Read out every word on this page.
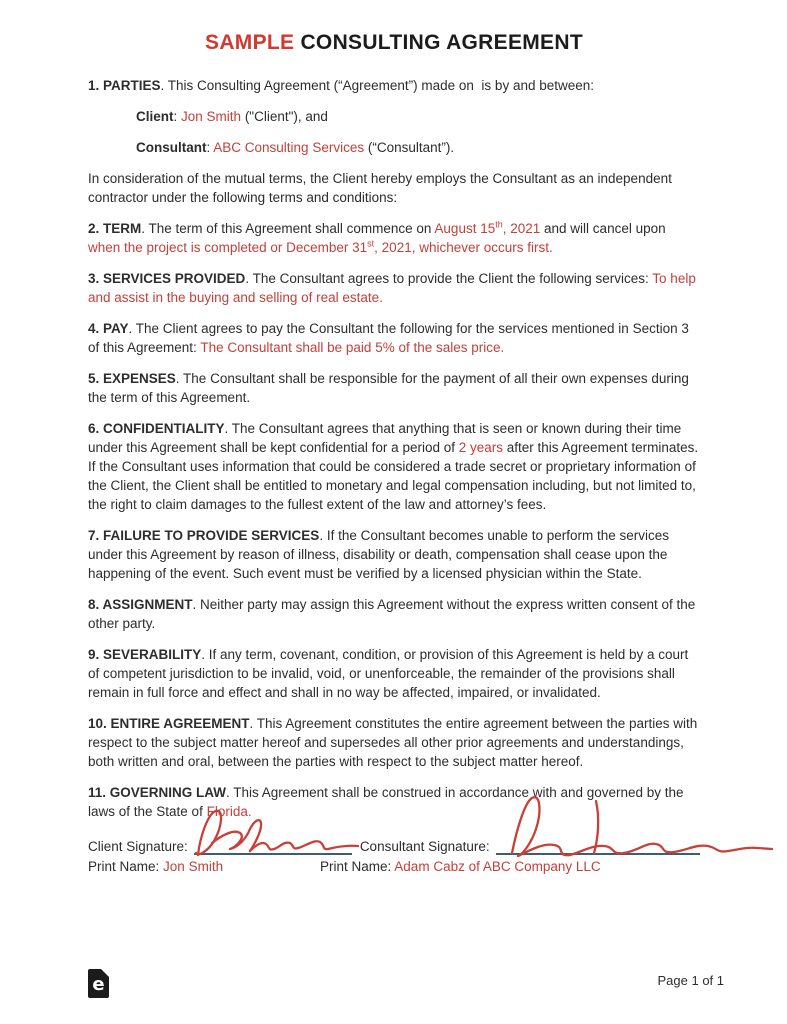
SAMPLE CONSULTING AGREEMENT

1. PARTIES. This Consulting Agreement (“Agreement”) made on  is by and between:

Client: Jon Smith ("Client"), and

Consultant: ABC Consulting Services (“Consultant”).

In consideration of the mutual terms, the Client hereby employs the Consultant as an independent contractor under the following terms and conditions:

2. TERM. The term of this Agreement shall commence on August 15th, 2021 and will cancel upon when the project is completed or December 31st, 2021, whichever occurs first.

3. SERVICES PROVIDED. The Consultant agrees to provide the Client the following services: To help and assist in the buying and selling of real estate.

4. PAY. The Client agrees to pay the Consultant the following for the services mentioned in Section 3 of this Agreement: The Consultant shall be paid 5% of the sales price.

5. EXPENSES. The Consultant shall be responsible for the payment of all their own expenses during the term of this Agreement.

6. CONFIDENTIALITY. The Consultant agrees that anything that is seen or known during their time under this Agreement shall be kept confidential for a period of 2 years after this Agreement terminates. If the Consultant uses information that could be considered a trade secret or proprietary information of the Client, the Client shall be entitled to monetary and legal compensation including, but not limited to, the right to claim damages to the fullest extent of the law and attorney’s fees.

7. FAILURE TO PROVIDE SERVICES. If the Consultant becomes unable to perform the services under this Agreement by reason of illness, disability or death, compensation shall cease upon the happening of the event. Such event must be verified by a licensed physician within the State.

8. ASSIGNMENT. Neither party may assign this Agreement without the express written consent of the other party.

9. SEVERABILITY. If any term, covenant, condition, or provision of this Agreement is held by a court of competent jurisdiction to be invalid, void, or unenforceable, the remainder of the provisions shall remain in full force and effect and shall in no way be affected, impaired, or invalidated.

10. ENTIRE AGREEMENT. This Agreement constitutes the entire agreement between the parties with respect to the subject matter hereof and supersedes all other prior agreements and understandings, both written and oral, between the parties with respect to the subject matter hereof.

11. GOVERNING LAW. This Agreement shall be construed in accordance with and governed by the laws of the State of Florida.

Client Signature:	Consultant Signature:
Print Name: Jon Smith	Print Name: Adam Cabz of ABC Company LLC
e	Page 1 of 1
